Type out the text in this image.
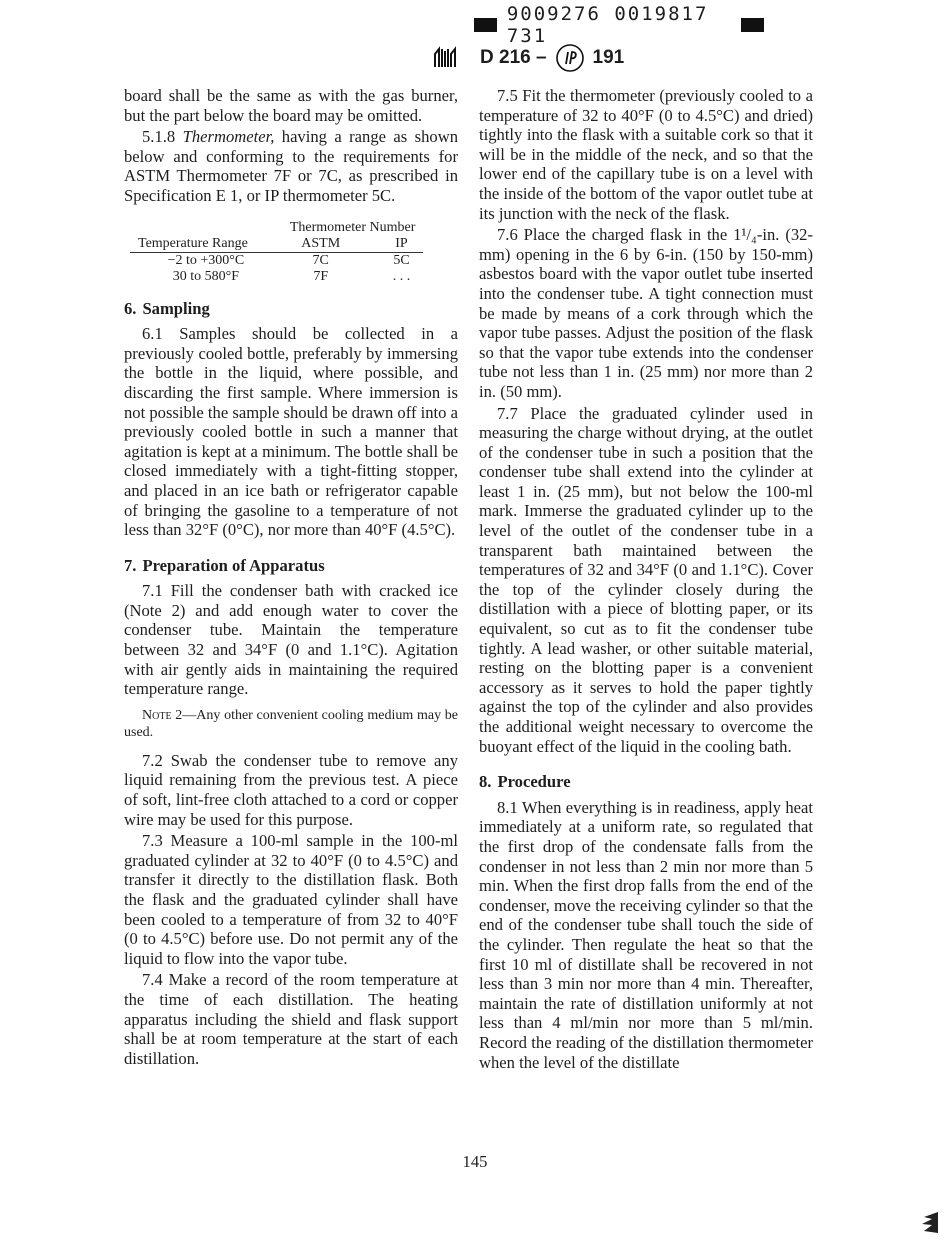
9009276 0019817 731
D 216 – 191

board shall be the same as with the gas burner, but the part below the board may be omitted.

5.1.8 Thermometer, having a range as shown below and conforming to the requirements for ASTM Thermometer 7F or 7C, as prescribed in Specification E 1, or IP thermometer 5C.

	Thermometer Number	
Temperature Range	ASTM	IP
−2 to +300°C	7C	5C
30 to 580°F	7F	. . .
6. Sampling

6.1 Samples should be collected in a previously cooled bottle, preferably by immersing the bottle in the liquid, where possible, and discarding the first sample. Where immersion is not possible the sample should be drawn off into a previously cooled bottle in such a manner that agitation is kept at a minimum. The bottle shall be closed immediately with a tight-fitting stopper, and placed in an ice bath or refrigerator capable of bringing the gasoline to a temperature of not less than 32°F (0°C), nor more than 40°F (4.5°C).

7. Preparation of Apparatus

7.1 Fill the condenser bath with cracked ice (Note 2) and add enough water to cover the condenser tube. Maintain the temperature between 32 and 34°F (0 and 1.1°C). Agitation with air gently aids in maintaining the required temperature range.

Note 2—Any other convenient cooling medium may be used.

7.2 Swab the condenser tube to remove any liquid remaining from the previous test. A piece of soft, lint-free cloth attached to a cord or copper wire may be used for this purpose.

7.3 Measure a 100-ml sample in the 100-ml graduated cylinder at 32 to 40°F (0 to 4.5°C) and transfer it directly to the distillation flask. Both the flask and the graduated cylinder shall have been cooled to a temperature of from 32 to 40°F (0 to 4.5°C) before use. Do not permit any of the liquid to flow into the vapor tube.

7.4 Make a record of the room temperature at the time of each distillation. The heating apparatus including the shield and flask support shall be at room temperature at the start of each distillation.

7.5 Fit the thermometer (previously cooled to a temperature of 32 to 40°F (0 to 4.5°C) and dried) tightly into the flask with a suitable cork so that it will be in the middle of the neck, and so that the lower end of the capillary tube is on a level with the inside of the bottom of the vapor outlet tube at its junction with the neck of the flask.

7.6 Place the charged flask in the 1¹/₄-in. (32-mm) opening in the 6 by 6-in. (150 by 150-mm) asbestos board with the vapor outlet tube inserted into the condenser tube. A tight connection must be made by means of a cork through which the vapor tube passes. Adjust the position of the flask so that the vapor tube extends into the condenser tube not less than 1 in. (25 mm) nor more than 2 in. (50 mm).

7.7 Place the graduated cylinder used in measuring the charge without drying, at the outlet of the condenser tube in such a position that the condenser tube shall extend into the cylinder at least 1 in. (25 mm), but not below the 100-ml mark. Immerse the graduated cylinder up to the level of the outlet of the condenser tube in a transparent bath maintained between the temperatures of 32 and 34°F (0 and 1.1°C). Cover the top of the cylinder closely during the distillation with a piece of blotting paper, or its equivalent, so cut as to fit the condenser tube tightly. A lead washer, or other suitable material, resting on the blotting paper is a convenient accessory as it serves to hold the paper tightly against the top of the cylinder and also provides the additional weight necessary to overcome the buoyant effect of the liquid in the cooling bath.

8. Procedure

8.1 When everything is in readiness, apply heat immediately at a uniform rate, so regulated that the first drop of the condensate falls from the condenser in not less than 2 min nor more than 5 min. When the first drop falls from the end of the condenser, move the receiving cylinder so that the end of the condenser tube shall touch the side of the cylinder. Then regulate the heat so that the first 10 ml of distillate shall be recovered in not less than 3 min nor more than 4 min. Thereafter, maintain the rate of distillation uniformly at not less than 4 ml/min nor more than 5 ml/min. Record the reading of the distillation thermometer when the level of the distillate

145
